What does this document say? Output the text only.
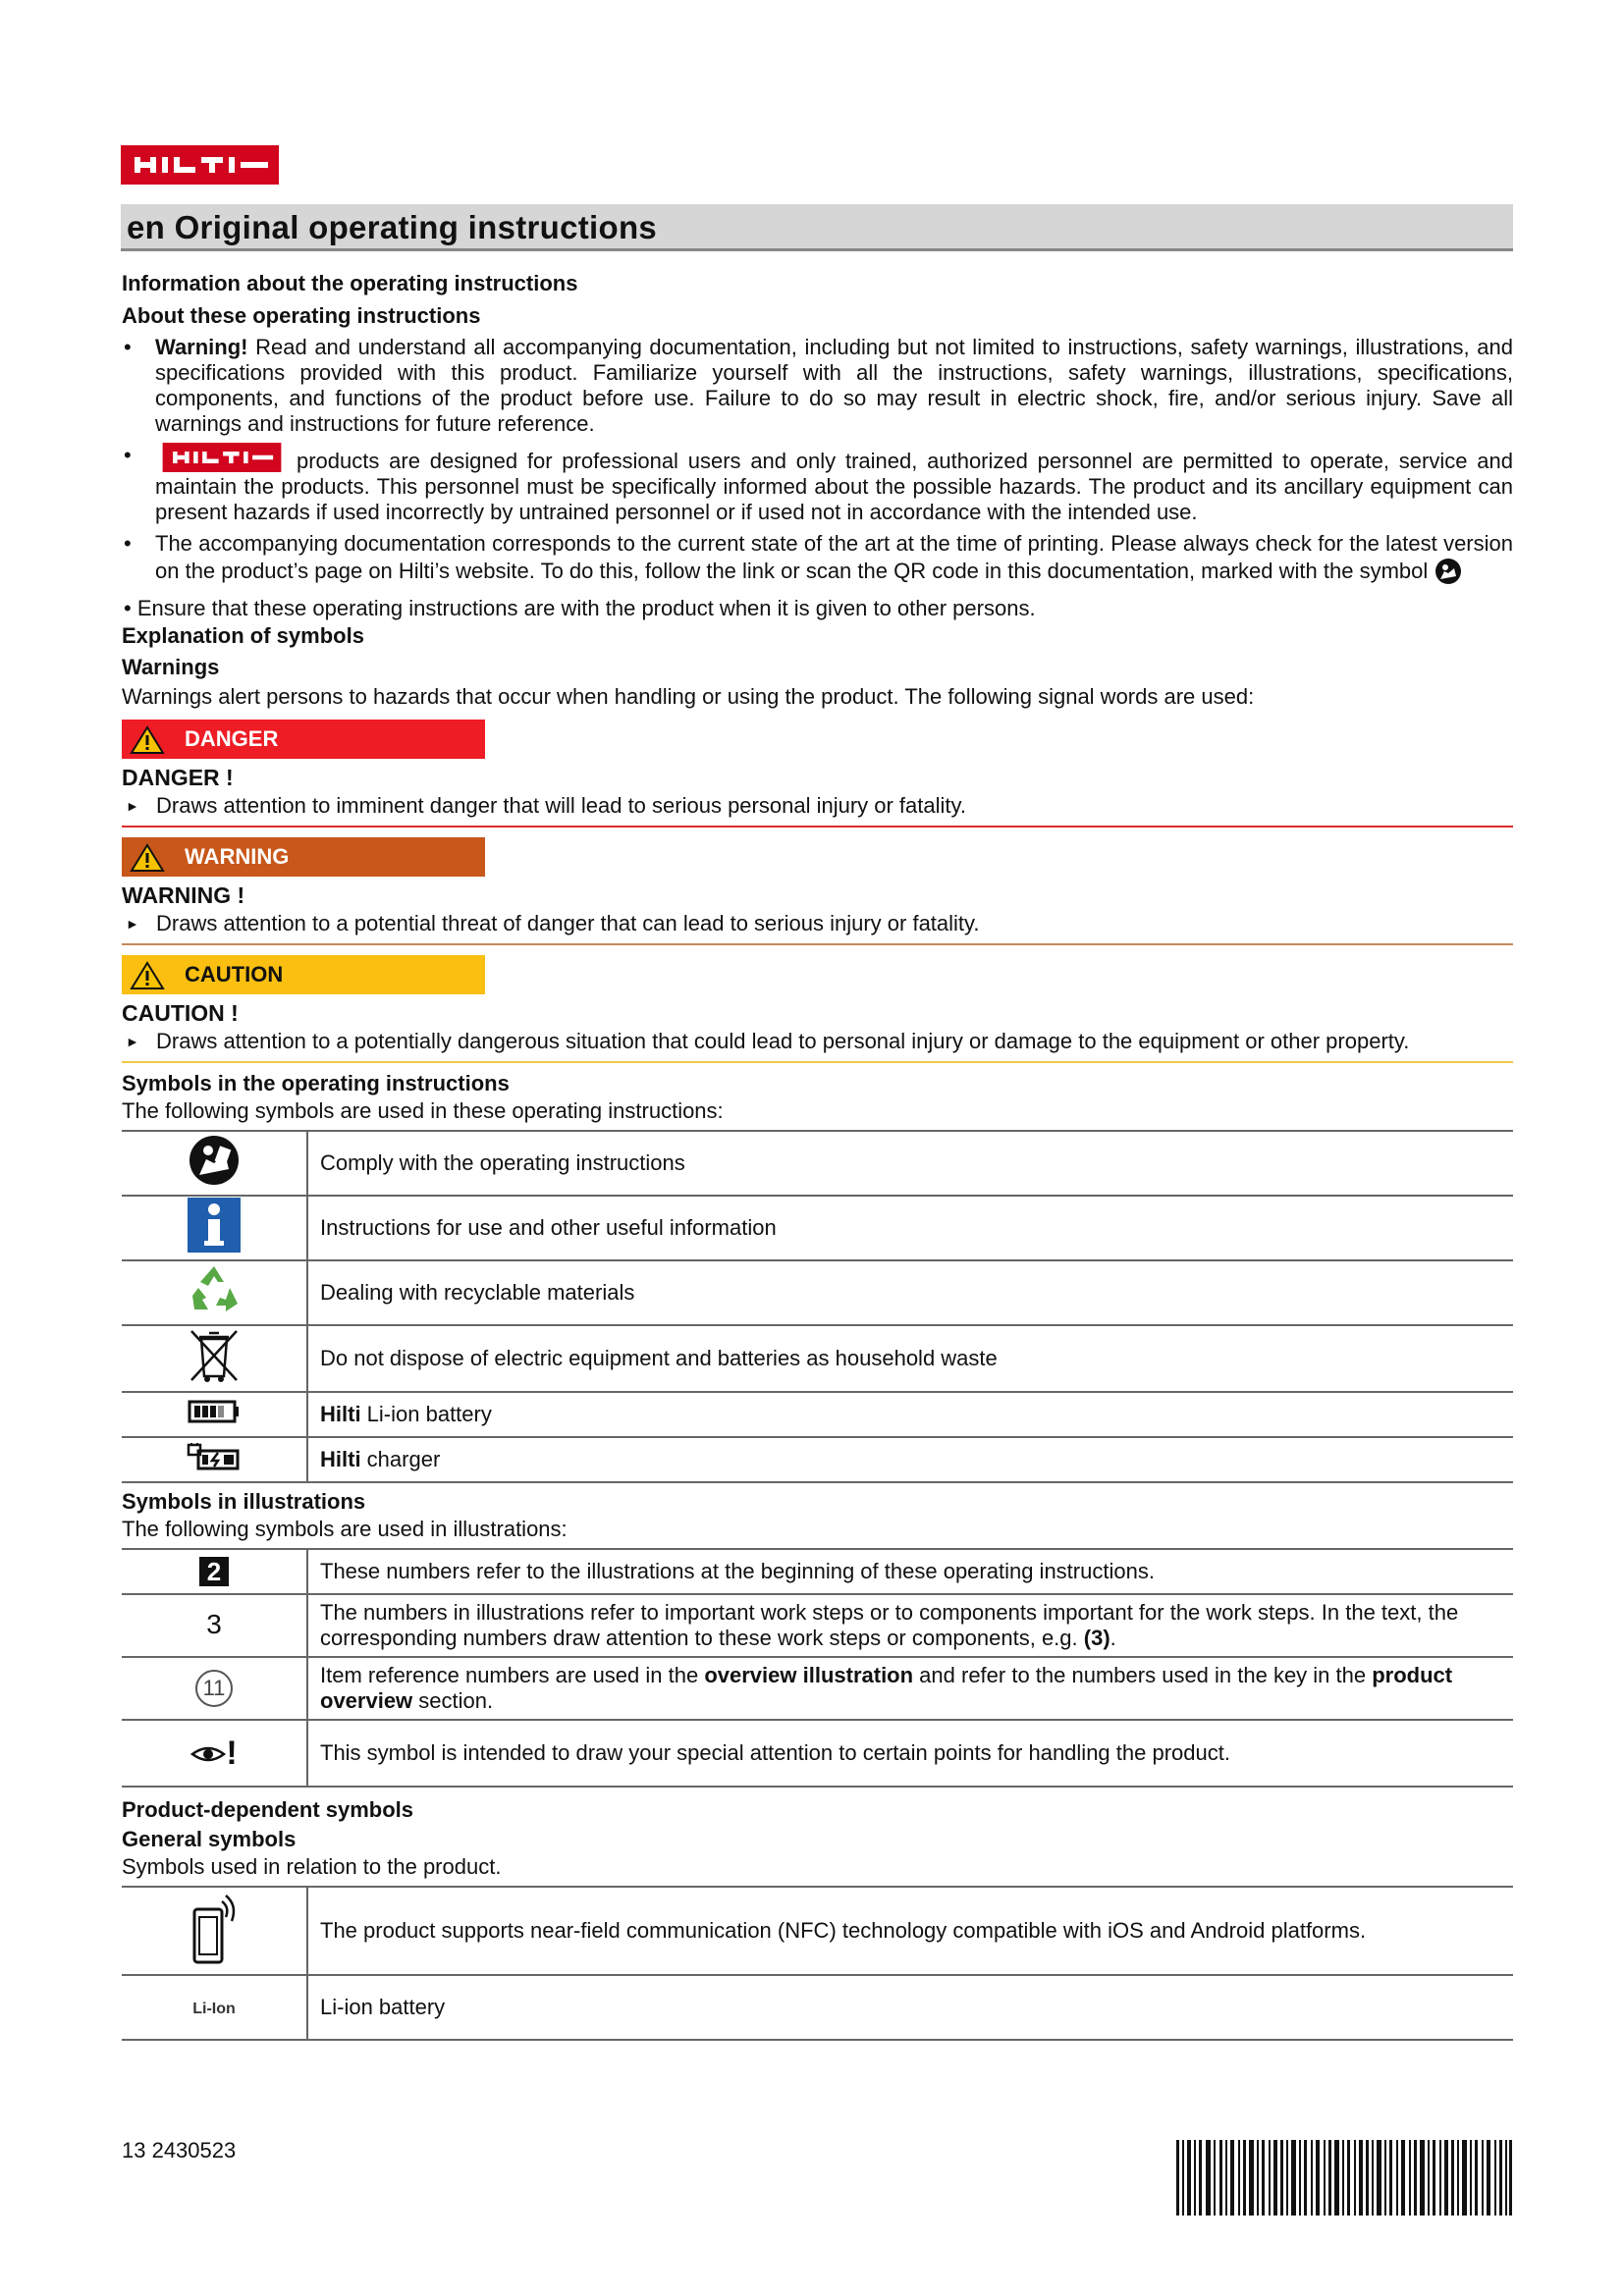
HILTI
en Original operating instructions
Information about the operating instructions
About these operating instructions
• Warning! Read and understand all accompanying documentation, including but not limited to instructions, safety warnings, illustrations, and specifications provided with this product. Familiarize yourself with all the instructions, safety warnings, illustrations, specifications, components, and functions of the product before use. Failure to do so may result in electric shock, fire, and/or serious injury. Save all warnings and instructions for future reference.
•	products are designed for professional users and only trained, authorized personnel are permitted to operate, service and maintain the products. This personnel must be specifically informed about the possible hazards. The product and its ancillary equipment can present hazards if used incorrectly by untrained personnel or if used not in accordance with the intended use.
• The accompanying documentation corresponds to the current state of the art at the time of printing. Please always check for the latest version on the product’s page on Hilti’s website. To do this, follow the link or scan the QR code in this documentation, marked with the symbol
• Ensure that these operating instructions are with the product when it is given to other persons.
Explanation of symbols
Warnings

Warnings alert persons to hazards that occur when handling or using the product. The following signal words are used:

DANGER
DANGER !
► Draws attention to imminent danger that will lead to serious personal injury or fatality.
WARNING
WARNING !
► Draws attention to a potential threat of danger that can lead to serious injury or fatality.
CAUTION
CAUTION !
► Draws attention to a potentially dangerous situation that could lead to personal injury or damage to the equipment or other property.
Symbols in the operating instructions

The following symbols are used in these operating instructions:

	Comply with the operating instructions
	Instructions for use and other useful information
	Dealing with recyclable materials
	Do not dispose of electric equipment and batteries as household waste
	Hilti Li-ion battery
	Hilti charger
Symbols in illustrations

The following symbols are used in illustrations:

2	These numbers refer to the illustrations at the beginning of these operating instructions.
3	The numbers in illustrations refer to important work steps or to components important for the work steps. In the text, the corresponding numbers draw attention to these work steps or components, e.g. (3).
11	Item reference numbers are used in the overview illustration and refer to the numbers used in the key in the product overview section.
!	This symbol is intended to draw your special attention to certain points for handling the product.
Product-dependent symbols
General symbols

Symbols used in relation to the product.

	The product supports near-field communication (NFC) technology compatible with iOS and Android platforms.
Li-Ion	Li-ion battery
13 2430523
